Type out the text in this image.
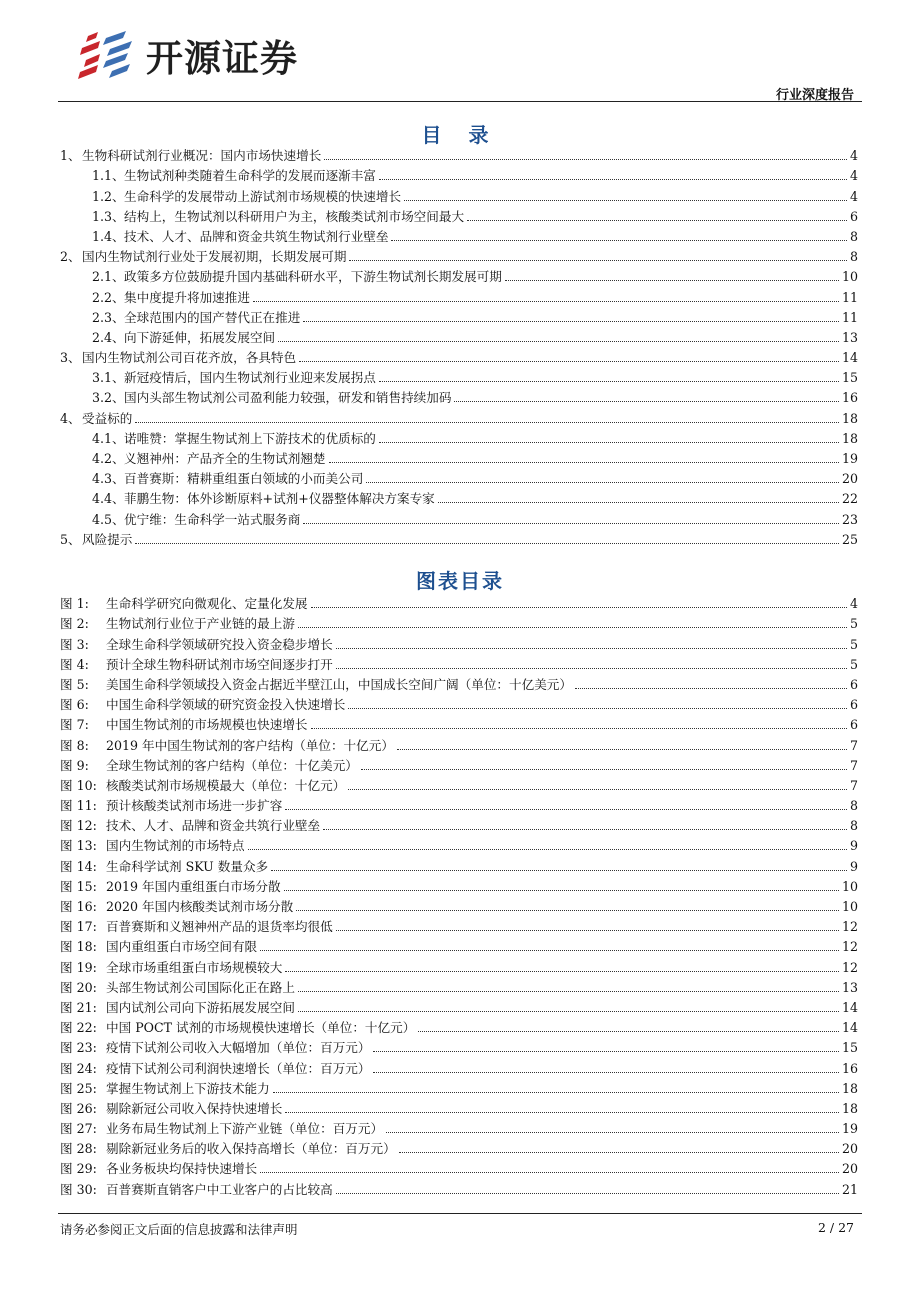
开源证券
行业深度报告
目 录
1、 生物科研试剂行业概况：国内市场快速增长	4
1.1、 生物试剂种类随着生命科学的发展而逐渐丰富	4
1.2、 生命科学的发展带动上游试剂市场规模的快速增长	4
1.3、 结构上，生物试剂以科研用户为主，核酸类试剂市场空间最大	6
1.4、 技术、人才、品牌和资金共筑生物试剂行业壁垒	8
2、 国内生物试剂行业处于发展初期，长期发展可期	8
2.1、 政策多方位鼓励提升国内基础科研水平，下游生物试剂长期发展可期	10
2.2、 集中度提升将加速推进	11
2.3、 全球范围内的国产替代正在推进	11
2.4、 向下游延伸，拓展发展空间	13
3、 国内生物试剂公司百花齐放，各具特色	14
3.1、 新冠疫情后，国内生物试剂行业迎来发展拐点	15
3.2、 国内头部生物试剂公司盈利能力较强，研发和销售持续加码	16
4、 受益标的	18
4.1、 诺唯赞：掌握生物试剂上下游技术的优质标的	18
4.2、 义翘神州：产品齐全的生物试剂翘楚	19
4.3、 百普赛斯：精耕重组蛋白领域的小而美公司	20
4.4、 菲鹏生物：体外诊断原料+试剂+仪器整体解决方案专家	22
4.5、 优宁维：生命科学一站式服务商	23
5、 风险提示	25
图表目录
图 1:	生命科学研究向微观化、定量化发展	4
图 2:	生物试剂行业位于产业链的最上游	5
图 3:	全球生命科学领域研究投入资金稳步增长	5
图 4:	预计全球生物科研试剂市场空间逐步打开	5
图 5:	美国生命科学领域投入资金占据近半壁江山，中国成长空间广阔（单位：十亿美元）	6
图 6:	中国生命科学领域的研究资金投入快速增长	6
图 7:	中国生物试剂的市场规模也快速增长	6
图 8:	2019 年中国生物试剂的客户结构（单位：十亿元）	7
图 9:	全球生物试剂的客户结构（单位：十亿美元）	7
图 10: 核酸类试剂市场规模最大（单位：十亿元）	7
图 11: 预计核酸类试剂市场进一步扩容	8
图 12: 技术、人才、品牌和资金共筑行业壁垒	8
图 13: 国内生物试剂的市场特点	9
图 14: 生命科学试剂 SKU 数量众多	9
图 15: 2019 年国内重组蛋白市场分散	10
图 16: 2020 年国内核酸类试剂市场分散	10
图 17: 百普赛斯和义翘神州产品的退货率均很低	12
图 18: 国内重组蛋白市场空间有限	12
图 19: 全球市场重组蛋白市场规模较大	12
图 20: 头部生物试剂公司国际化正在路上	13
图 21: 国内试剂公司向下游拓展发展空间	14
图 22: 中国 POCT 试剂的市场规模快速增长（单位：十亿元）	14
图 23: 疫情下试剂公司收入大幅增加（单位：百万元）	15
图 24: 疫情下试剂公司利润快速增长（单位：百万元）	16
图 25: 掌握生物试剂上下游技术能力	18
图 26: 剔除新冠公司收入保持快速增长	18
图 27: 业务布局生物试剂上下游产业链（单位：百万元）	19
图 28: 剔除新冠业务后的收入保持高增长（单位：百万元）	20
图 29: 各业务板块均保持快速增长	20
图 30: 百普赛斯直销客户中工业客户的占比较高	21
请务必参阅正文后面的信息披露和法律声明	2 / 27
